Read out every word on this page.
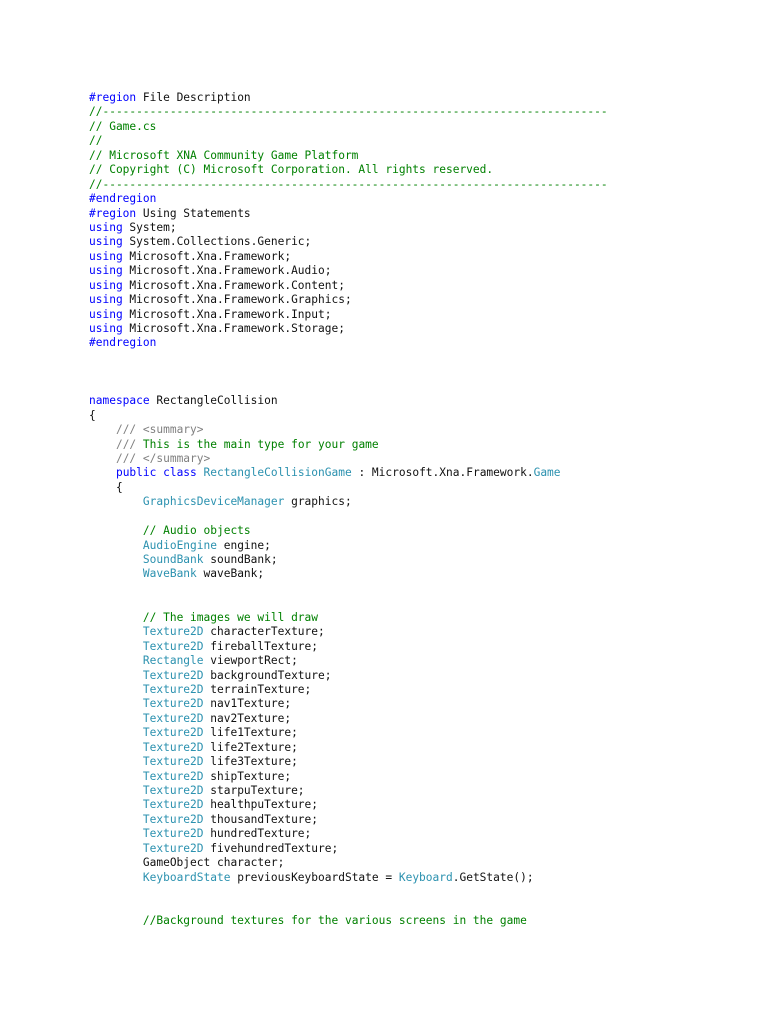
#region File Description
//---------------------------------------------------------------------------
// Game.cs
//
// Microsoft XNA Community Game Platform
// Copyright (C) Microsoft Corporation. All rights reserved.
//---------------------------------------------------------------------------
#endregion
#region Using Statements
using System;
using System.Collections.Generic;
using Microsoft.Xna.Framework;
using Microsoft.Xna.Framework.Audio;
using Microsoft.Xna.Framework.Content;
using Microsoft.Xna.Framework.Graphics;
using Microsoft.Xna.Framework.Input;
using Microsoft.Xna.Framework.Storage;
#endregion

namespace RectangleCollision
{
/// <summary>
/// This is the main type for your game
/// </summary>
public class RectangleCollisionGame : Microsoft.Xna.Framework.Game
{
GraphicsDeviceManager graphics;

// Audio objects
AudioEngine engine;
SoundBank soundBank;
WaveBank waveBank;

// The images we will draw
Texture2D characterTexture;
Texture2D fireballTexture;
Rectangle viewportRect;
Texture2D backgroundTexture;
Texture2D terrainTexture;
Texture2D nav1Texture;
Texture2D nav2Texture;
Texture2D life1Texture;
Texture2D life2Texture;
Texture2D life3Texture;
Texture2D shipTexture;
Texture2D starpuTexture;
Texture2D healthpuTexture;
Texture2D thousandTexture;
Texture2D hundredTexture;
Texture2D fivehundredTexture;
GameObject character;
KeyboardState previousKeyboardState = Keyboard.GetState();

//Background textures for the various screens in the game
